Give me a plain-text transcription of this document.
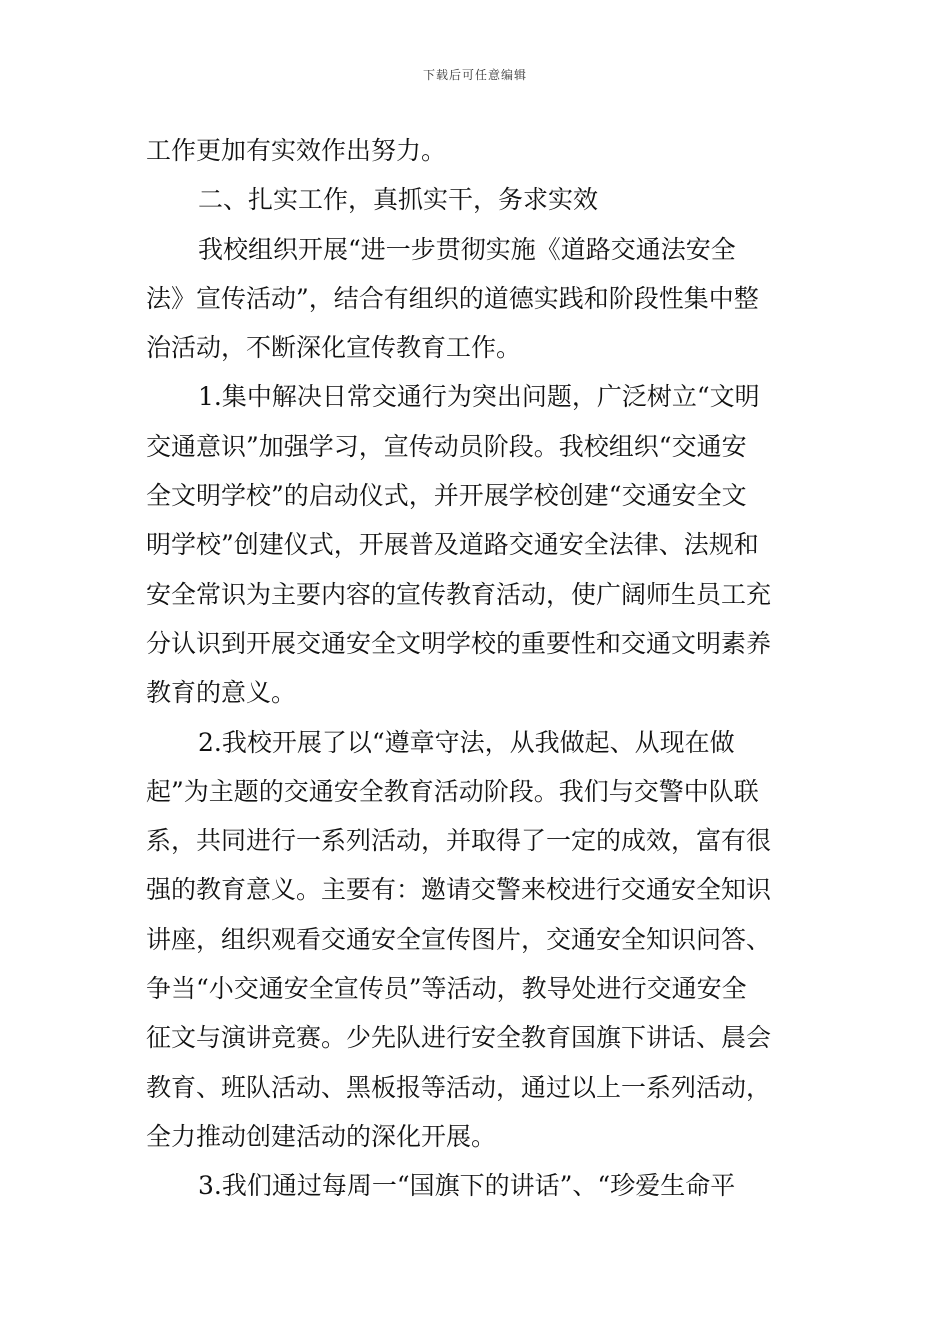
下载后可任意编辑
工作更加有实效作出努力。
二、扎实工作，真抓实干，务求实效
我校组织开展“进一步贯彻实施《道路交通法安全
法》宣传活动”，结合有组织的道德实践和阶段性集中整
治活动，不断深化宣传教育工作。
1.集中解决日常交通行为突出问题，广泛树立“文明
交通意识”加强学习，宣传动员阶段。我校组织“交通安
全文明学校”的启动仪式，并开展学校创建“交通安全文
明学校”创建仪式，开展普及道路交通安全法律、法规和
安全常识为主要内容的宣传教育活动，使广阔师生员工充
分认识到开展交通安全文明学校的重要性和交通文明素养
教育的意义。
2.我校开展了以“遵章守法，从我做起、从现在做
起”为主题的交通安全教育活动阶段。我们与交警中队联
系，共同进行一系列活动，并取得了一定的成效，富有很
强的教育意义。主要有：邀请交警来校进行交通安全知识
讲座，组织观看交通安全宣传图片，交通安全知识问答、
争当“小交通安全宣传员”等活动，教导处进行交通安全
征文与演讲竞赛。少先队进行安全教育国旗下讲话、晨会
教育、班队活动、黑板报等活动，通过以上一系列活动，
全力推动创建活动的深化开展。
3.我们通过每周一“国旗下的讲话”、“珍爱生命平
